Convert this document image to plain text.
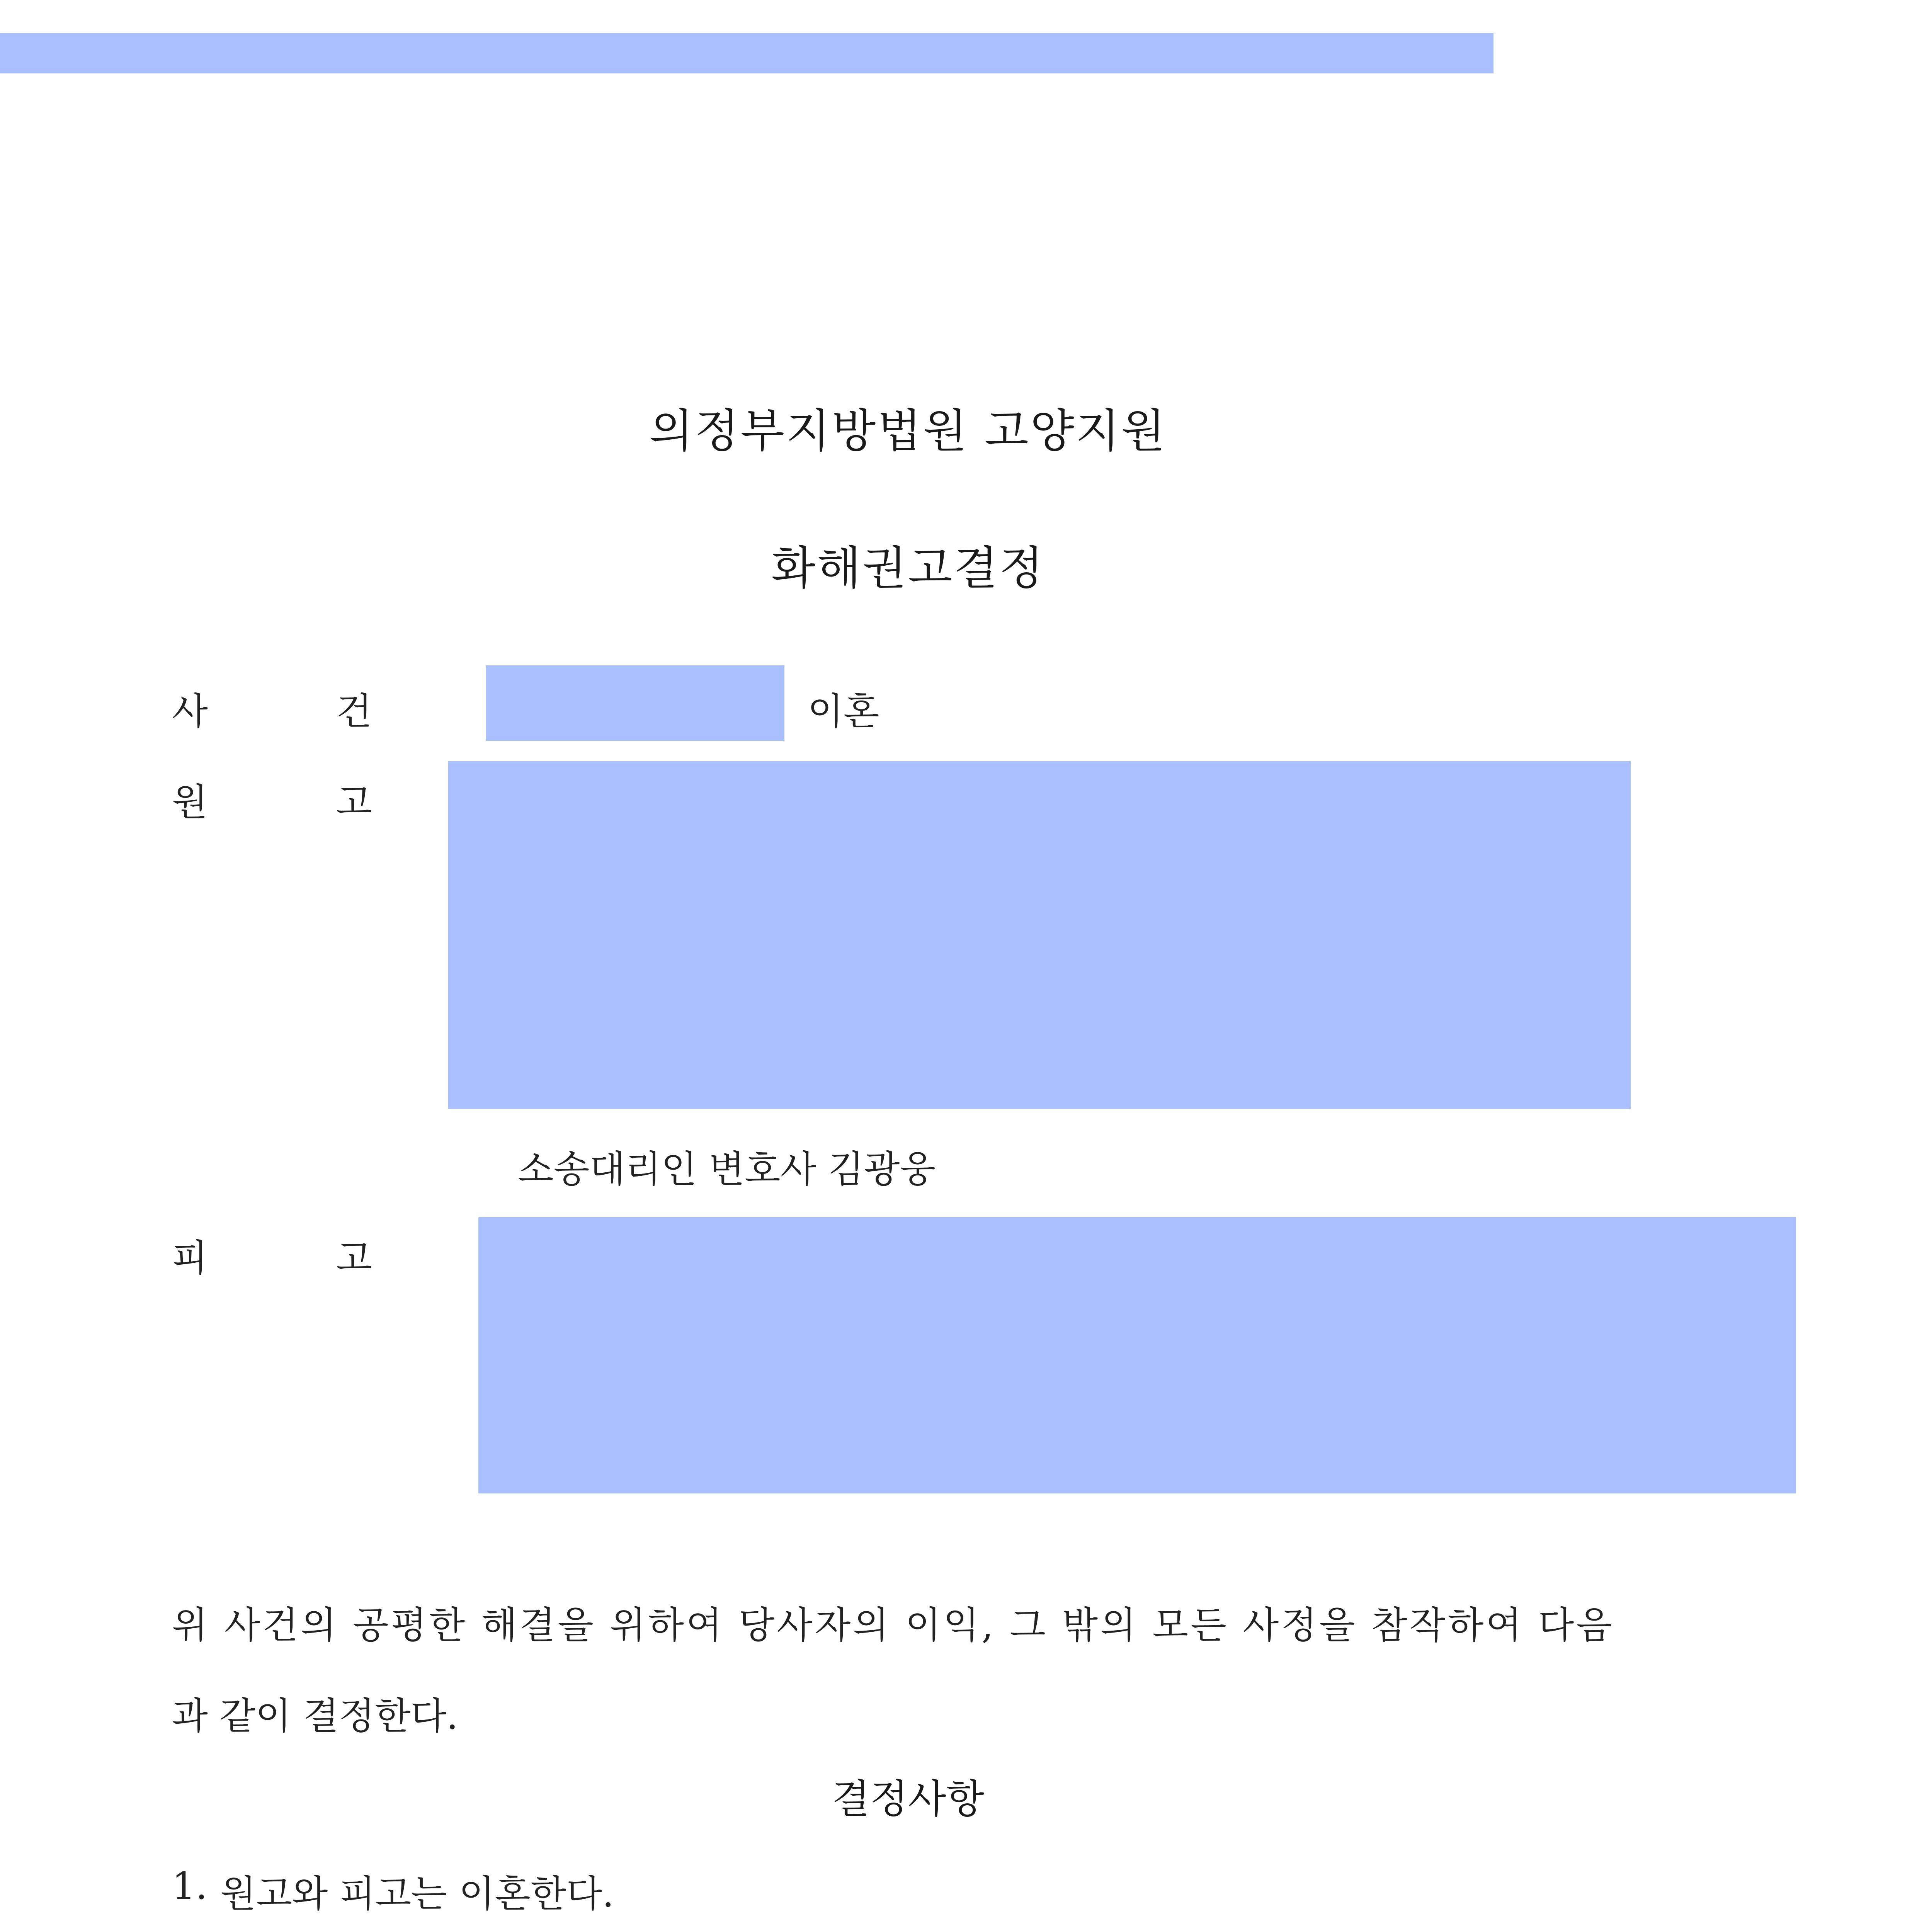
의정부지방법원 고양지원
화해권고결정
사	건	이혼
원	고
소송대리인 변호사 김광웅
피	고
위 사건의 공평한 해결을 위하여 당사자의 이익, 그 밖의 모든 사정을 참작하여 다음
과 같이 결정한다.
결정사항
1. 원고와 피고는 이혼한다.
